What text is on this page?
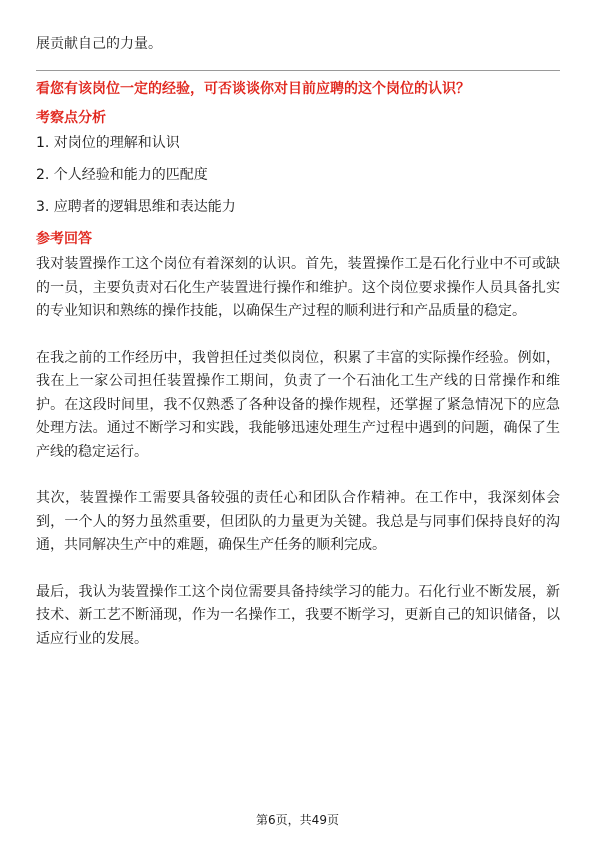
展贡献自己的力量。
看您有该岗位一定的经验，可否谈谈你对目前应聘的这个岗位的认识？
考察点分析
1. 对岗位的理解和认识
2. 个人经验和能力的匹配度
3. 应聘者的逻辑思维和表达能力
参考回答

我对装置操作工这个岗位有着深刻的认识。首先，装置操作工是石化行业中不可或缺的一员，主要负责对石化生产装置进行操作和维护。这个岗位要求操作人员具备扎实的专业知识和熟练的操作技能，以确保生产过程的顺利进行和产品质量的稳定。

在我之前的工作经历中，我曾担任过类似岗位，积累了丰富的实际操作经验。例如，我在上一家公司担任装置操作工期间，负责了一个石油化工生产线的日常操作和维护。在这段时间里，我不仅熟悉了各种设备的操作规程，还掌握了紧急情况下的应急处理方法。通过不断学习和实践，我能够迅速处理生产过程中遇到的问题，确保了生产线的稳定运行。

其次，装置操作工需要具备较强的责任心和团队合作精神。在工作中，我深刻体会到，一个人的努力虽然重要，但团队的力量更为关键。我总是与同事们保持良好的沟通，共同解决生产中的难题，确保生产任务的顺利完成。

最后，我认为装置操作工这个岗位需要具备持续学习的能力。石化行业不断发展，新技术、新工艺不断涌现，作为一名操作工，我要不断学习，更新自己的知识储备，以适应行业的发展。

第6页，共49页
